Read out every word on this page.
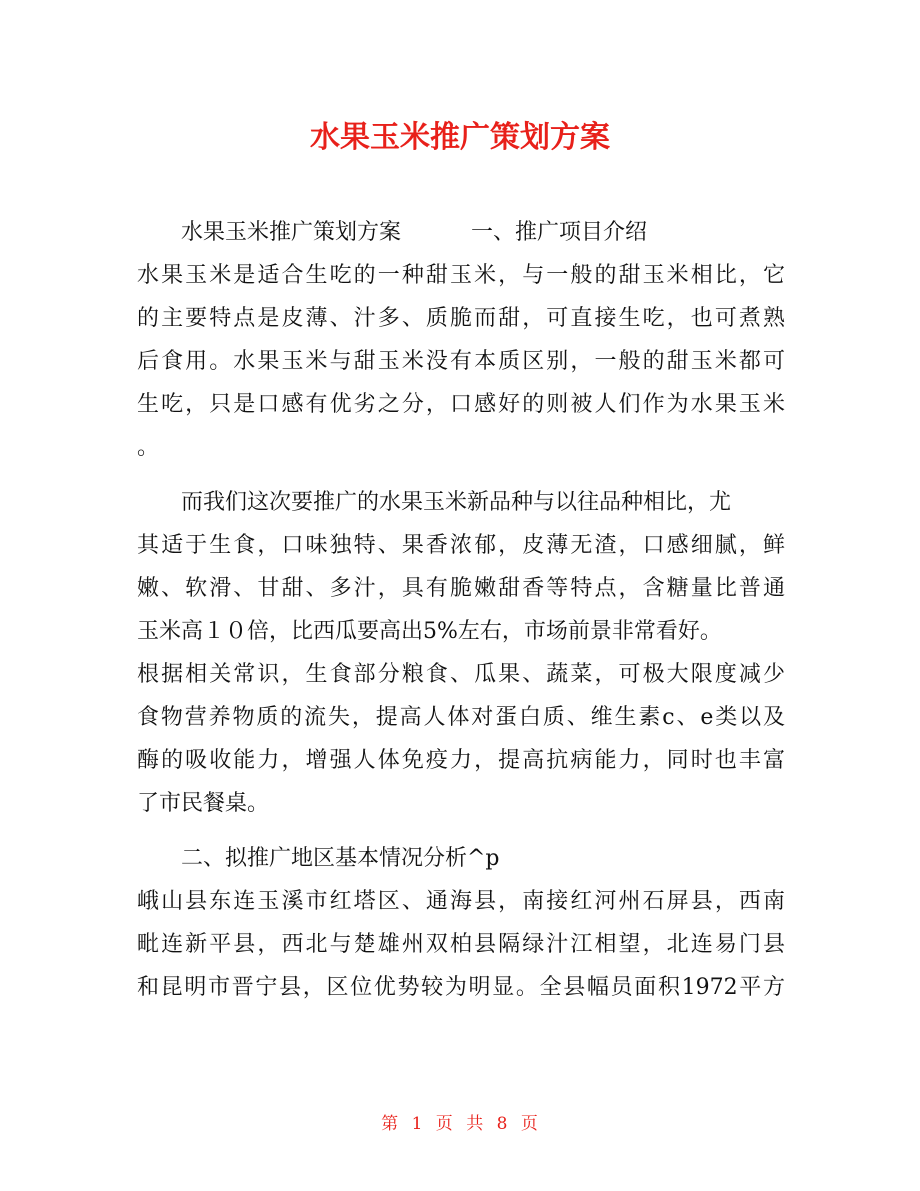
水果玉米推广策划方案
水果玉米推广策划方案	一、推广项目介绍
水果玉米是适合生吃的一种甜玉米，与一般的甜玉米相比，它
的主要特点是皮薄、汁多、质脆而甜，可直接生吃，也可煮熟
后食用。水果玉米与甜玉米没有本质区别，一般的甜玉米都可
生吃，只是口感有优劣之分，口感好的则被人们作为水果玉米
。
而我们这次要推广的水果玉米新品种与以往品种相比，尤
其适于生食，口味独特、果香浓郁，皮薄无渣，口感细腻，鲜
嫩、软滑、甘甜、多汁，具有脆嫩甜香等特点，含糖量比普通
玉米高１０倍，比西瓜要高出5%左右，市场前景非常看好。
根据相关常识，生食部分粮食、瓜果、蔬菜，可极大限度减少
食物营养物质的流失，提高人体对蛋白质、维生素c、e类以及
酶的吸收能力，增强人体免疫力，提高抗病能力，同时也丰富
了市民餐桌。
二、拟推广地区基本情况分析^p
峨山县东连玉溪市红塔区、通海县，南接红河州石屏县，西南
毗连新平县，西北与楚雄州双柏县隔绿汁江相望，北连易门县
和昆明市晋宁县，区位优势较为明显。全县幅员面积1972平方
第 1 页 共 8 页
